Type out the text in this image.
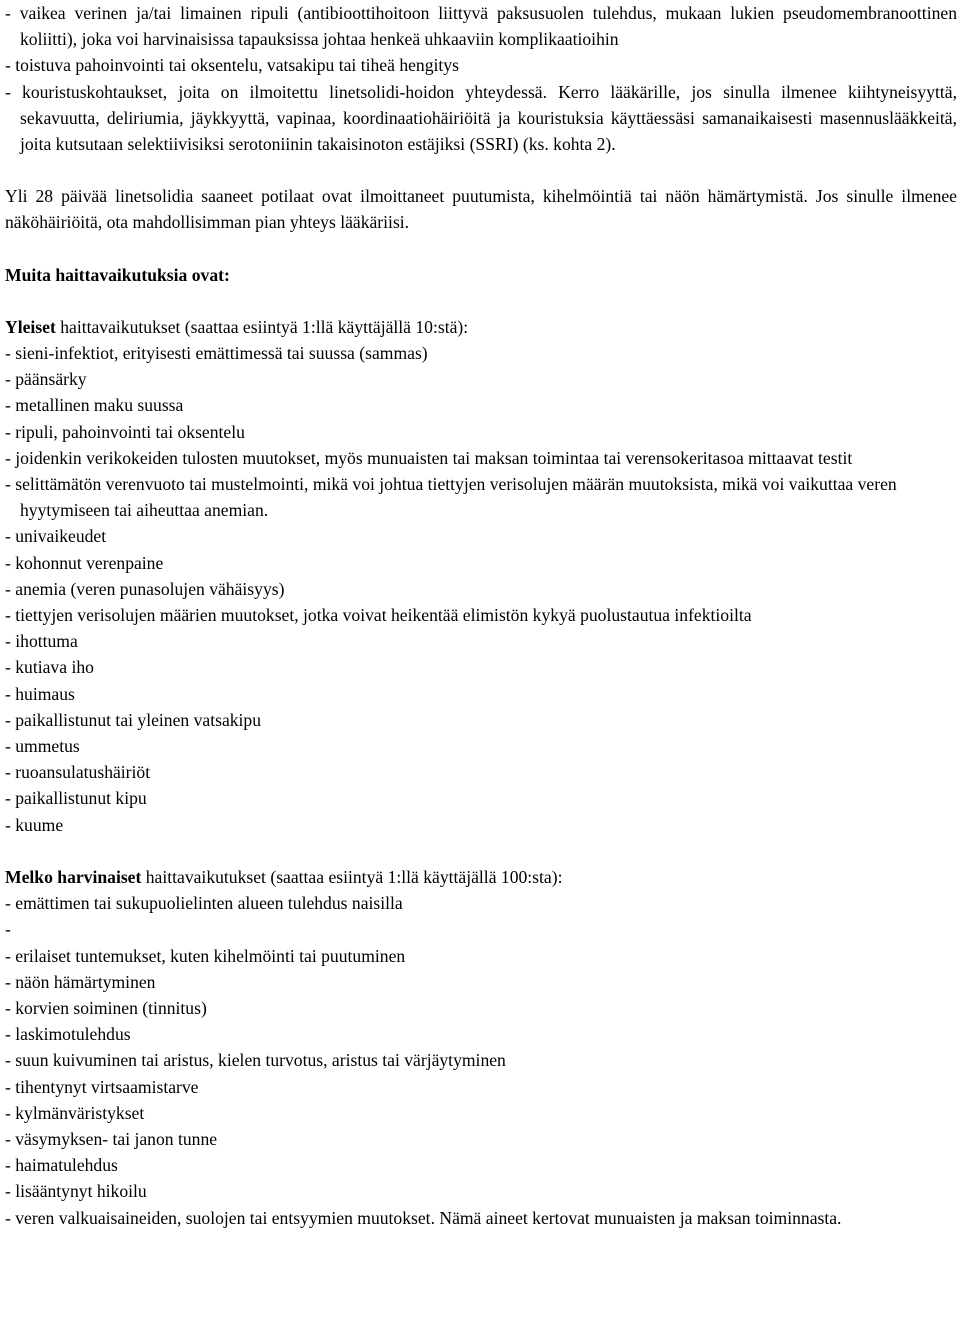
- vaikea verinen ja/tai limainen ripuli (antibioottihoitoon liittyvä paksusuolen tulehdus, mukaan lukien pseudomembranoottinen koliitti), joka voi harvinaisissa tapauksissa johtaa henkeä uhkaaviin komplikaatioihin

- toistuva pahoinvointi tai oksentelu, vatsakipu tai tiheä hengitys

- kouristuskohtaukset, joita on ilmoitettu linetsolidi-hoidon yhteydessä. Kerro lääkärille, jos sinulla ilmenee kiihtyneisyyttä, sekavuutta, deliriumia, jäykkyyttä, vapinaa, koordinaatiohäiriöitä ja kouristuksia käyttäessäsi samanaikaisesti masennuslääkkeitä, joita kutsutaan selektiivisiksi serotoniinin takaisinoton estäjiksi (SSRI) (ks. kohta 2).

Yli 28 päivää linetsolidia saaneet potilaat ovat ilmoittaneet puutumista, kihelmöintiä tai näön hämärtymistä. Jos sinulle ilmenee näköhäiriöitä, ota mahdollisimman pian yhteys lääkäriisi.

Muita haittavaikutuksia ovat:

Yleiset haittavaikutukset (saattaa esiintyä 1:llä käyttäjällä 10:stä):

- sieni-infektiot, erityisesti emättimessä tai suussa (sammas)

- päänsärky

- metallinen maku suussa

- ripuli, pahoinvointi tai oksentelu

- joidenkin verikokeiden tulosten muutokset, myös munuaisten tai maksan toimintaa tai verensokeritasoa mittaavat testit

- selittämätön verenvuoto tai mustelmointi, mikä voi johtua tiettyjen verisolujen määrän muutoksista, mikä voi vaikuttaa veren hyytymiseen tai aiheuttaa anemian.

- univaikeudet

- kohonnut verenpaine

- anemia (veren punasolujen vähäisyys)

- tiettyjen verisolujen määrien muutokset, jotka voivat heikentää elimistön kykyä puolustautua infektioilta

- ihottuma

- kutiava iho

- huimaus

- paikallistunut tai yleinen vatsakipu

- ummetus

- ruoansulatushäiriöt

- paikallistunut kipu

- kuume

Melko harvinaiset haittavaikutukset (saattaa esiintyä 1:llä käyttäjällä 100:sta):

- emättimen tai sukupuolielinten alueen tulehdus naisilla

-

- erilaiset tuntemukset, kuten kihelmöinti tai puutuminen

- näön hämärtyminen

- korvien soiminen (tinnitus)

- laskimotulehdus

- suun kuivuminen tai aristus, kielen turvotus, aristus tai värjäytyminen

- tihentynyt virtsaamistarve

- kylmänväristykset

- väsymyksen- tai janon tunne

- haimatulehdus

- lisääntynyt hikoilu

- veren valkuaisaineiden, suolojen tai entsyymien muutokset. Nämä aineet kertovat munuaisten ja maksan toiminnasta.
